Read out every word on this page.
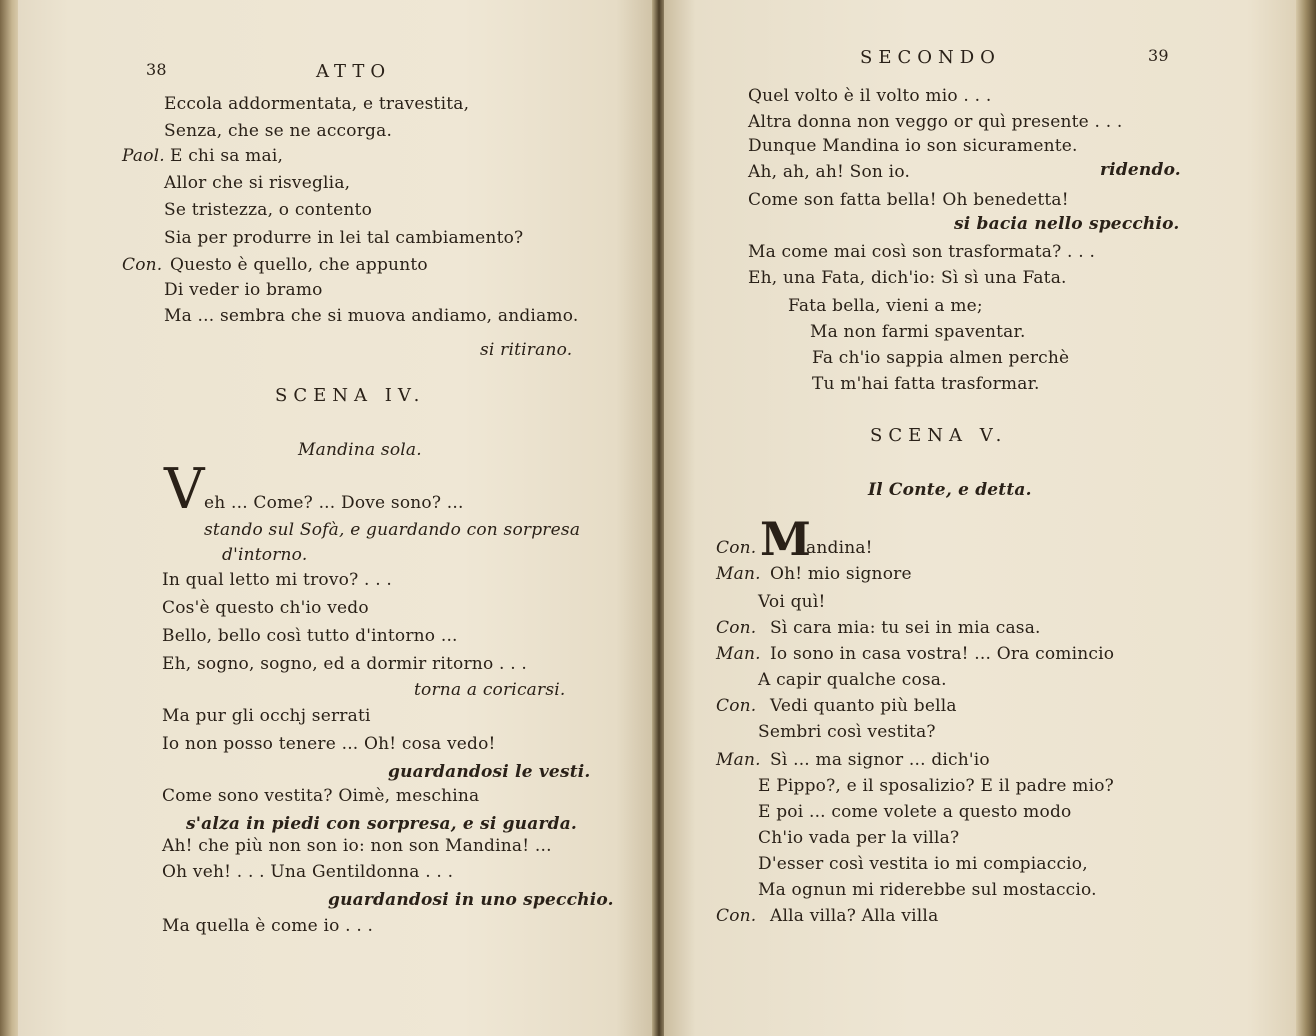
38	ATTO
Eccola addormentata, e travestita,
Senza, che se ne accorga.
Paol. E chi sa mai,
Allor che si risveglia,
Se tristezza, o contento
Sia per produrre in lei tal cambiamento?
Con. Questo è quello, che appunto
Di veder io bramo
Ma ... sembra che si muova andiamo, andiamo.
si ritirano.
SCENA IV.
Mandina sola.
V eh ... Come? ... Dove sono? ...
stando sul Sofà, e guardando con sorpresa
d'intorno.
In qual letto mi trovo? . . .
Cos'è questo ch'io vedo
Bello, bello così tutto d'intorno ...
Eh, sogno, sogno, ed a dormir ritorno . . .
torna a coricarsi.
Ma pur gli occhj serrati
Io non posso tenere ... Oh! cosa vedo!
guardandosi le vesti.
Come sono vestita? Oimè, meschina
s'alza in piedi con sorpresa, e si guarda.
Ah! che più non son io: non son Mandina! ...
Oh veh! . . . Una Gentildonna . . .
guardandosi in uno specchio.
Ma quella è come io . . .
SECONDO	39
Quel volto è il volto mio . . .
Altra donna non veggo or quì presente . . .
Dunque Mandina io son sicuramente.
Ah, ah, ah! Son io.	ridendo.
Come son fatta bella! Oh benedetta!
si bacia nello specchio.
Ma come mai così son trasformata? . . .
Eh, una Fata, dich'io: Sì sì una Fata.
Fata bella, vieni a me;
Ma non farmi spaventar.
Fa ch'io sappia almen perchè
Tu m'hai fatta trasformar.
SCENA V.
Il Conte, e detta.
M
Con.	andina!
Man. Oh! mio signore
Voi quì!
Con. Sì cara mia: tu sei in mia casa.
Man. Io sono in casa vostra! ... Ora comincio
A capir qualche cosa.
Con. Vedi quanto più bella
Sembri così vestita?
Man. Sì ... ma signor ... dich'io
E Pippo?, e il sposalizio? E il padre mio?
E poi ... come volete a questo modo
Ch'io vada per la villa?
D'esser così vestita io mi compiaccio,
Ma ognun mi riderebbe sul mostaccio.
Con. Alla villa? Alla villa
